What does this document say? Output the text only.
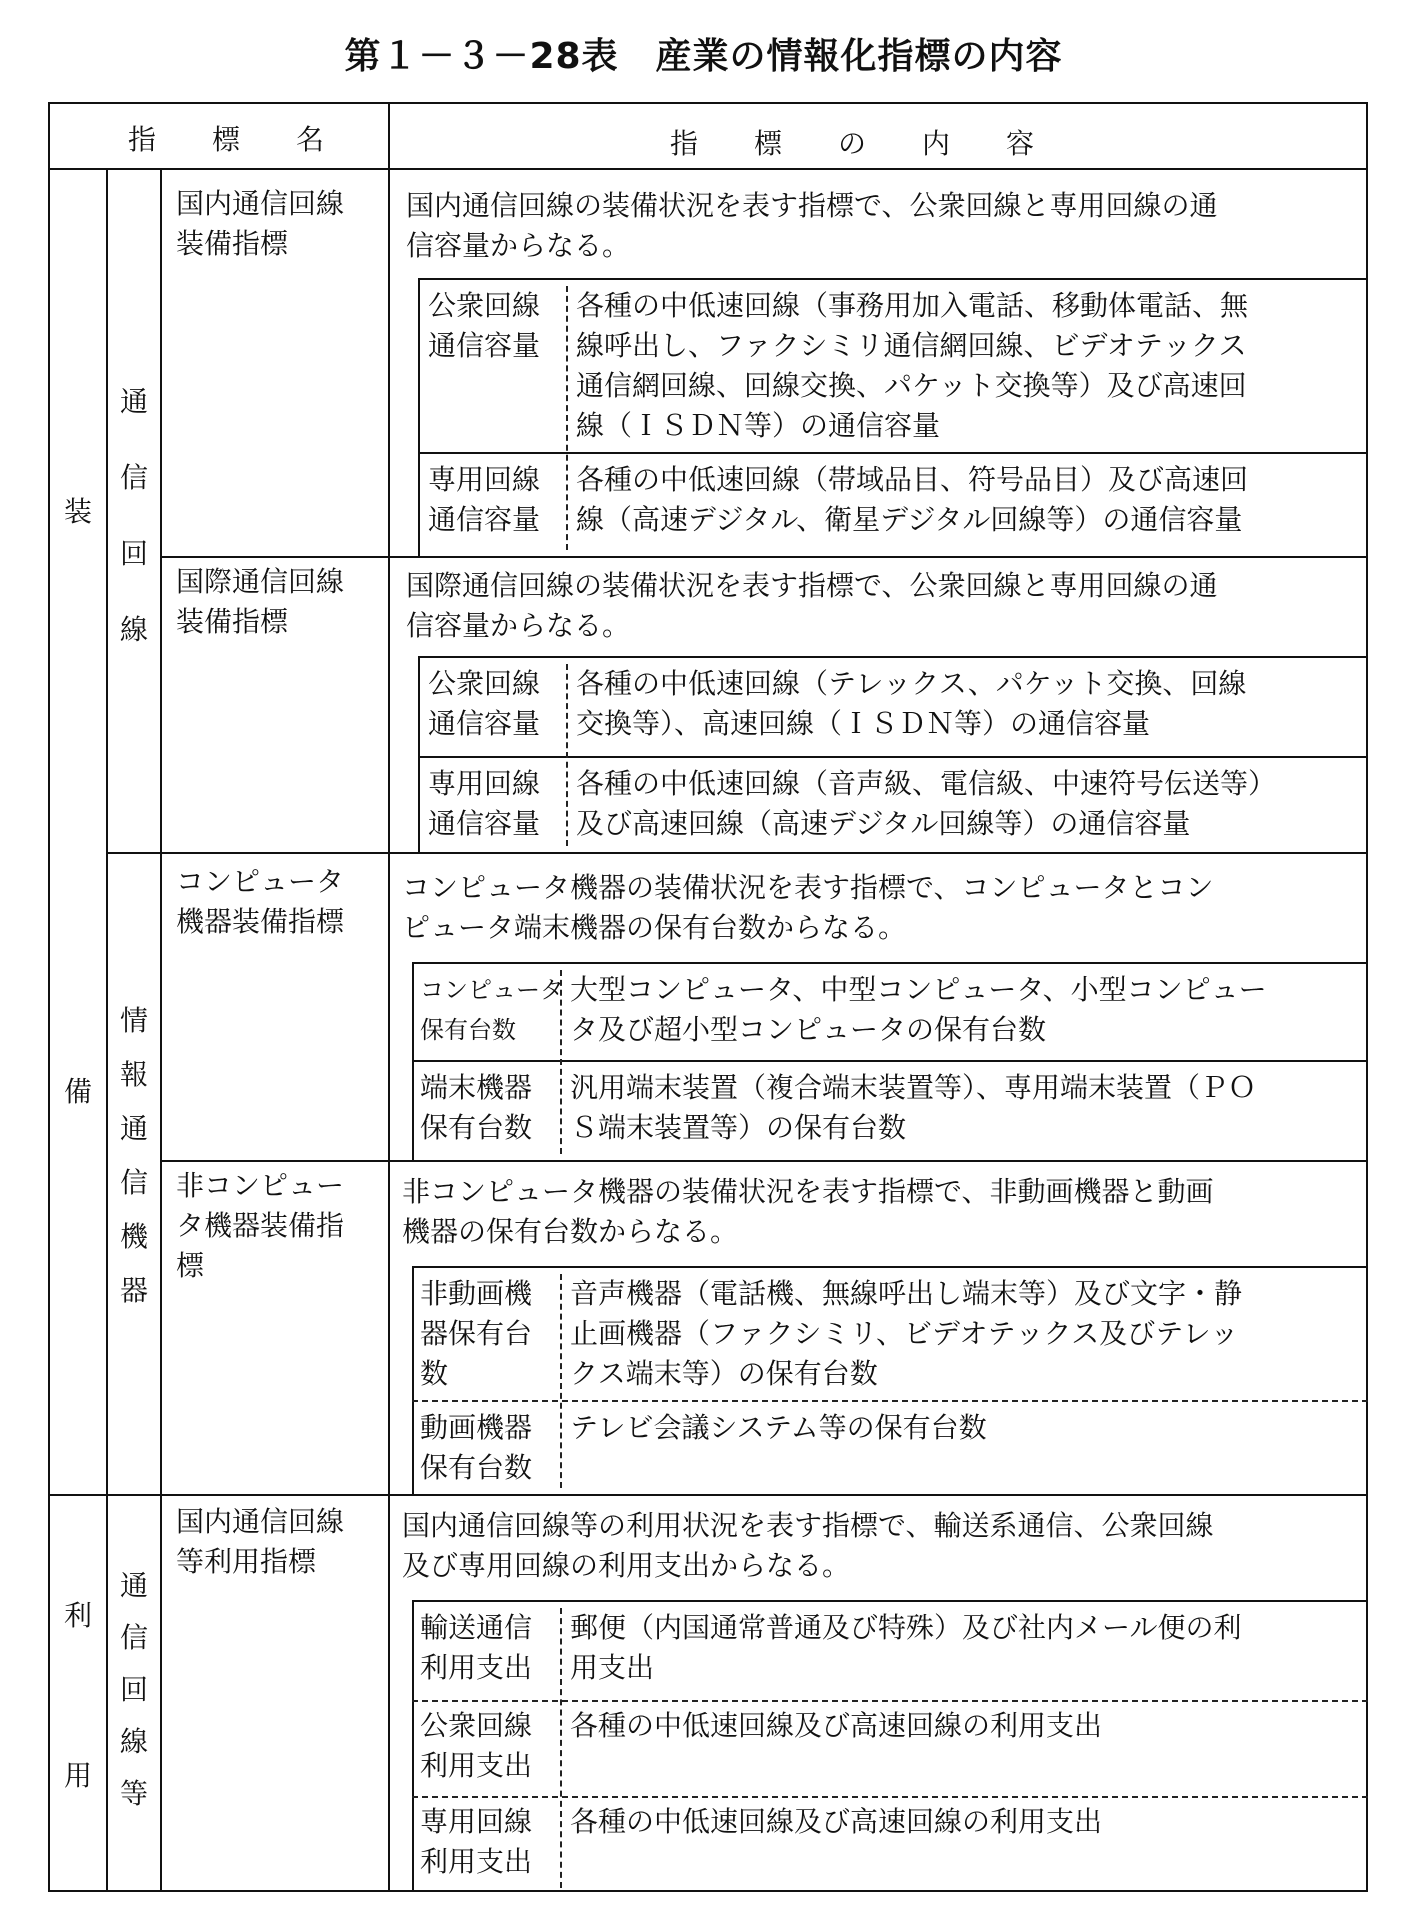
第１－３－28表　産業の情報化指標の内容
指　　標　　名	指　　標　　の　　内　　容
装
備
利
用
通
信
回
線
情
報
通
信
機
器
通
信
回
線
等
国内通信回線
装備指標
国内通信回線の装備状況を表す指標で、公衆回線と専用回線の通
信容量からなる。
公衆回線
通信容量
各種の中低速回線（事務用加入電話、移動体電話、無
線呼出し、ファクシミリ通信網回線、ビデオテックス
通信網回線、回線交換、パケット交換等）及び高速回
線（ＩＳＤＮ等）の通信容量
専用回線
通信容量
各種の中低速回線（帯域品目、符号品目）及び高速回
線（高速デジタル、衛星デジタル回線等）の通信容量
国際通信回線
装備指標
国際通信回線の装備状況を表す指標で、公衆回線と専用回線の通
信容量からなる。
公衆回線
通信容量
各種の中低速回線（テレックス、パケット交換、回線
交換等）、高速回線（ＩＳＤＮ等）の通信容量
専用回線
通信容量
各種の中低速回線（音声級、電信級、中速符号伝送等）
及び高速回線（高速デジタル回線等）の通信容量
コンピュータ
機器装備指標
コンピュータ機器の装備状況を表す指標で、コンピュータとコン
ピュータ端末機器の保有台数からなる。
コンピュータ
保有台数
大型コンピュータ、中型コンピュータ、小型コンピュー
タ及び超小型コンピュータの保有台数
端末機器
保有台数
汎用端末装置（複合端末装置等）、専用端末装置（ＰＯ
Ｓ端末装置等）の保有台数
非コンピュー
タ機器装備指
標
非コンピュータ機器の装備状況を表す指標で、非動画機器と動画
機器の保有台数からなる。
非動画機
器保有台
数
音声機器（電話機、無線呼出し端末等）及び文字・静
止画機器（ファクシミリ、ビデオテックス及びテレッ
クス端末等）の保有台数
動画機器
保有台数
テレビ会議システム等の保有台数
国内通信回線
等利用指標
国内通信回線等の利用状況を表す指標で、輸送系通信、公衆回線
及び専用回線の利用支出からなる。
輸送通信
利用支出
郵便（内国通常普通及び特殊）及び社内メール便の利
用支出
公衆回線
利用支出
各種の中低速回線及び高速回線の利用支出
専用回線
利用支出
各種の中低速回線及び高速回線の利用支出
